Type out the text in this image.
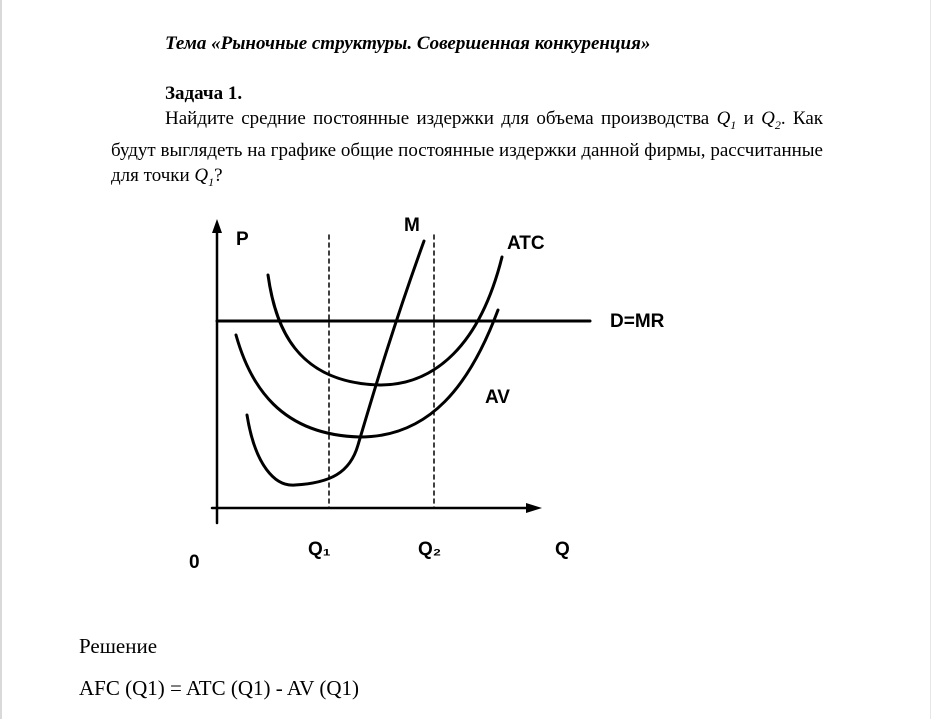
Тема «Рыночные структуры. Совершенная конкуренция»
Задача 1.
Найдите средние постоянные издержки для объема производства $Q_1$ и $Q_2$. Как будут выглядеть на графике общие постоянные издержки данной фирмы, рассчитанные для точки $Q_1$?
P
M
ATC
D=MR
AV
0
Q₁	Q₂	Q
Решение
AFC (Q1) = ATC (Q1) - AV (Q1)
